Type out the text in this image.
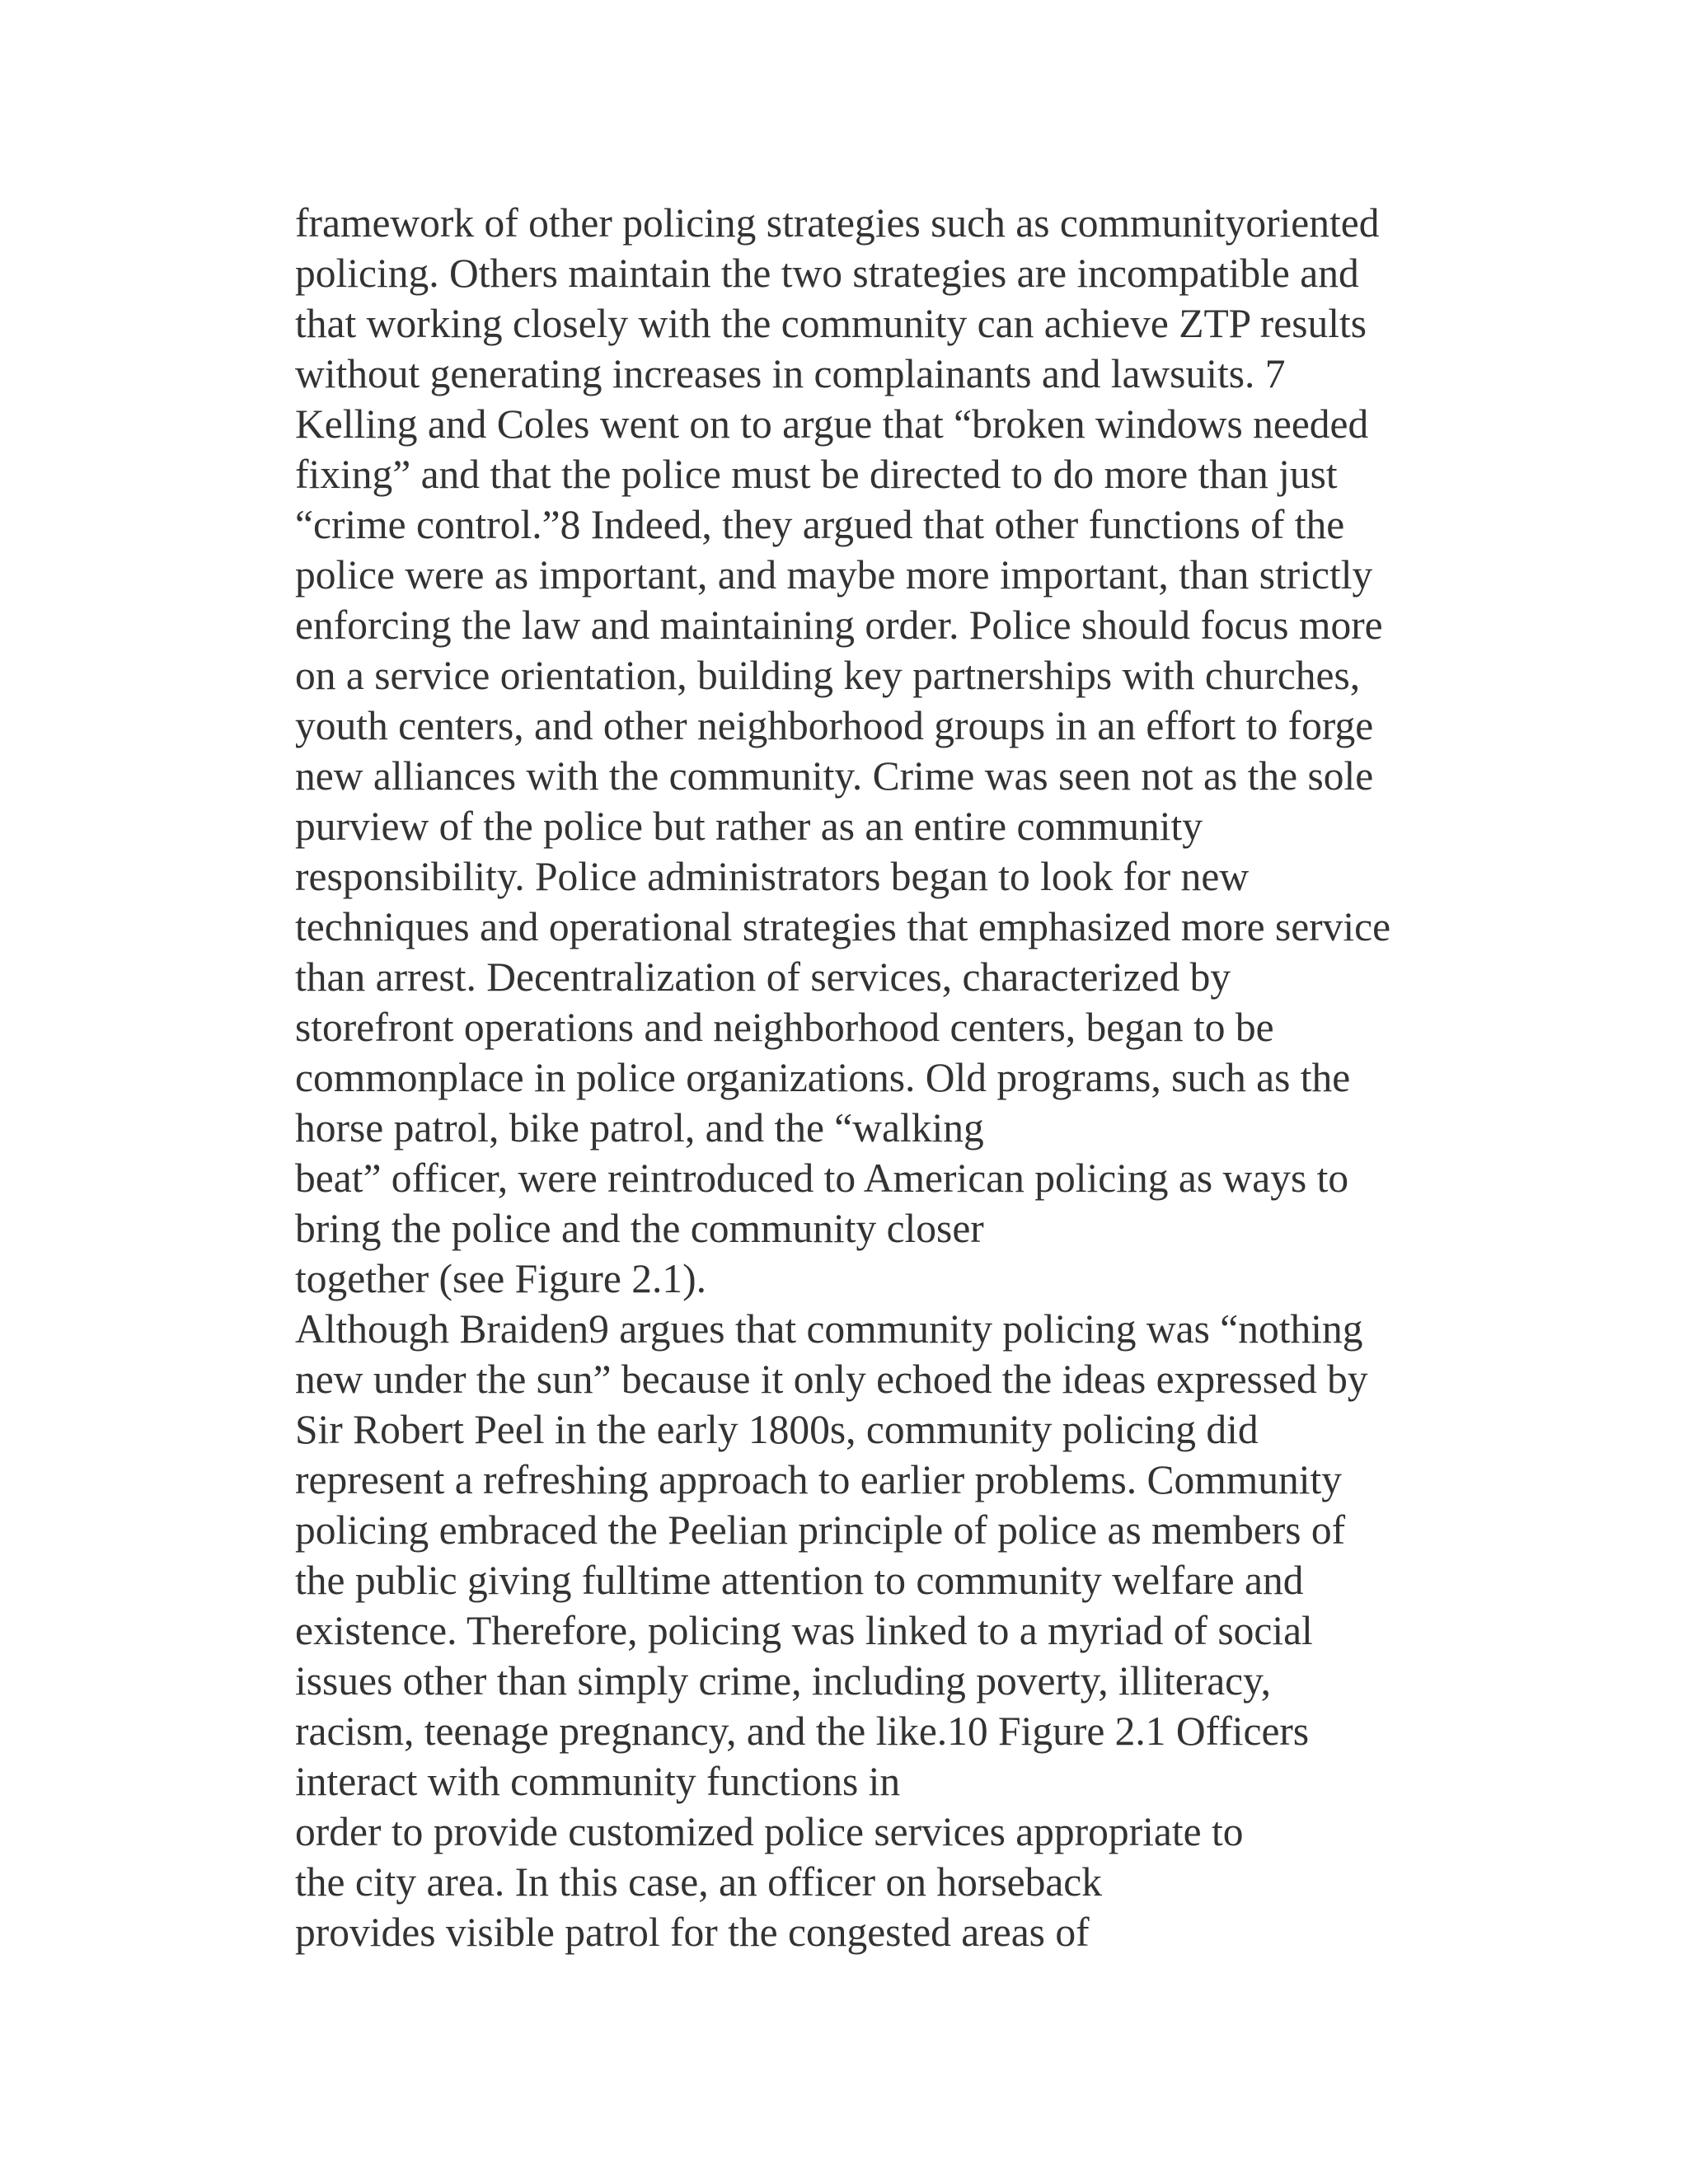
framework of other policing strategies such as communityoriented
policing. Others maintain the two strategies are incompatible and
that working closely with the community can achieve ZTP results
without generating increases in complainants and lawsuits. 7
Kelling and Coles went on to argue that “broken windows needed
fixing” and that the police must be directed to do more than just
“crime control.”8 Indeed, they argued that other functions of the
police were as important, and maybe more important, than strictly
enforcing the law and maintaining order. Police should focus more
on a service orientation, building key partnerships with churches,
youth centers, and other neighborhood groups in an effort to forge
new alliances with the community. Crime was seen not as the sole
purview of the police but rather as an entire community
responsibility. Police administrators began to look for new
techniques and operational strategies that emphasized more service
than arrest. Decentralization of services, characterized by
storefront operations and neighborhood centers, began to be
commonplace in police organizations. Old programs, such as the
horse patrol, bike patrol, and the “walking
beat” officer, were reintroduced to American policing as ways to
bring the police and the community closer
together (see Figure 2.1).
Although Braiden9 argues that community policing was “nothing
new under the sun” because it only echoed the ideas expressed by
Sir Robert Peel in the early 1800s, community policing did
represent a refreshing approach to earlier problems. Community
policing embraced the Peelian principle of police as members of
the public giving fulltime attention to community welfare and
existence. Therefore, policing was linked to a myriad of social
issues other than simply crime, including poverty, illiteracy,
racism, teenage pregnancy, and the like.10 Figure 2.1 Officers
interact with community functions in
order to provide customized police services appropriate to
the city area. In this case, an officer on horseback
provides visible patrol for the congested areas of
